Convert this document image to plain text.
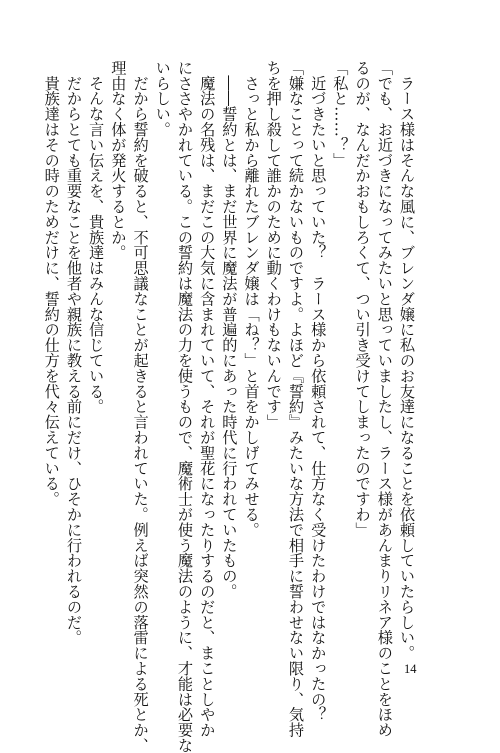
　ラース様はそんな風に、ブレンダ嬢に私のお友達になることを依頼していたらしい。

「でも、お近づきになってみたいと思っていましたし、ラース様があんまりリネア様のことをほめ

るのが、なんだかおもしろくて、つい引き受けてしまったのですわ」

「私と……？」

　近づきたいと思っていた？　ラース様から依頼されて、仕方なく受けたわけではなかったの？

「嫌なことって続かないものですよ。よほど『誓約』みたいな方法で相手に誓わせない限り、気持

ちを押し殺して誰かのために動くわけもないんです」

　さっと私から離れたブレンダ嬢は「ね？」と首をかしげてみせる。

　――誓約とは、まだ世界に魔法が普遍的にあった時代に行われていたもの。

　魔法の名残は、まだこの大気に含まれていて、それが聖花になったりするのだと、まことしやか

にささやかれている。この誓約は魔法の力を使うもので、魔術士が使う魔法のように、才能は必要な

いらしい。

　だから誓約を破ると、不可思議なことが起きると言われていた。例えば突然の落雷による死とか、

理由なく体が発火するとか。

　そんな言い伝えを、貴族達はみんな信じている。

　だからとても重要なことを他者や親族に教える前にだけ、ひそかに行われるのだ。

　貴族達はその時のためだけに、誓約の仕方を代々伝えている。

14
